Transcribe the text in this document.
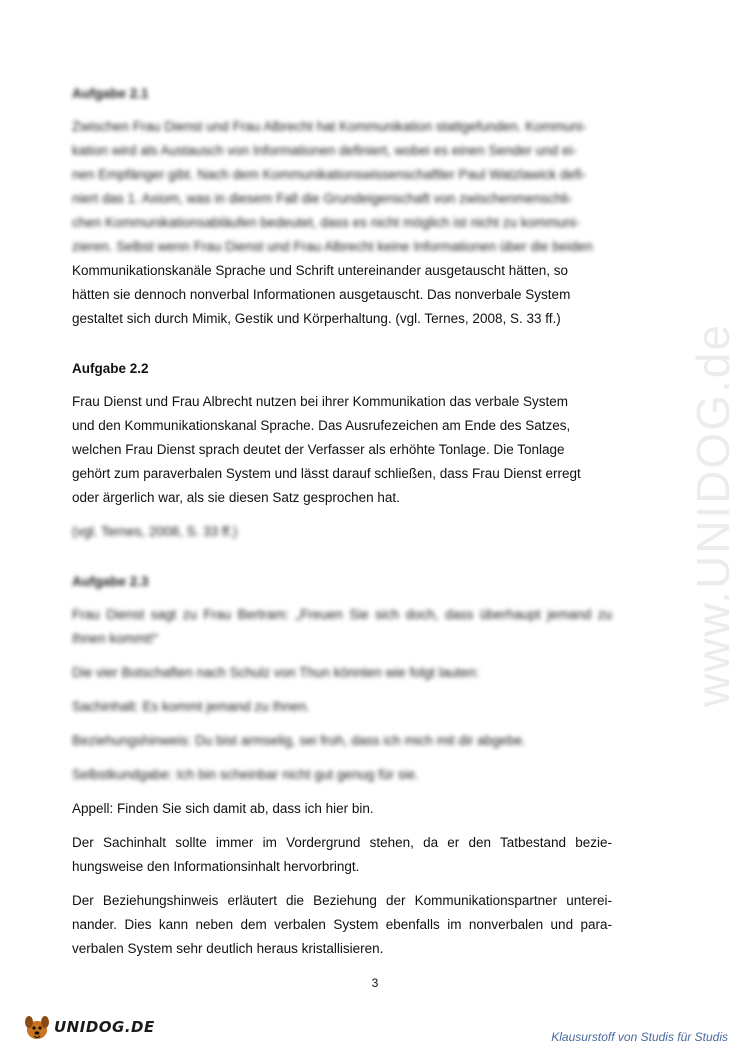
www.UNIDOG.de
Aufgabe 2.1
Zwischen Frau Dienst und Frau Albrecht hat Kommunikation stattgefunden. Kommuni-
kation wird als Austausch von Informationen definiert, wobei es einen Sender und ei-
nen Empfänger gibt. Nach dem Kommunikationswissenschaftler Paul Watzlawick defi-
niert das 1. Axiom, was in diesem Fall die Grundeigenschaft von zwischenmenschli-
chen Kommunikationsabläufen bedeutet, dass es nicht möglich ist nicht zu kommuni-
zieren. Selbst wenn Frau Dienst und Frau Albrecht keine Informationen über die beiden
Kommunikationskanäle Sprache und Schrift untereinander ausgetauscht hätten, so
hätten sie dennoch nonverbal Informationen ausgetauscht. Das nonverbale System
gestaltet sich durch Mimik, Gestik und Körperhaltung. (vgl. Ternes, 2008, S. 33 ff.)
Aufgabe 2.2
Frau Dienst und Frau Albrecht nutzen bei ihrer Kommunikation das verbale System
und den Kommunikationskanal Sprache. Das Ausrufezeichen am Ende des Satzes,
welchen Frau Dienst sprach deutet der Verfasser als erhöhte Tonlage. Die Tonlage
gehört zum paraverbalen System und lässt darauf schließen, dass Frau Dienst erregt
oder ärgerlich war, als sie diesen Satz gesprochen hat.
(vgl. Ternes, 2008, S. 33 ff.)
Aufgabe 2.3
Frau Dienst sagt zu Frau Bertram: „Freuen Sie sich doch, dass überhaupt jemand zu Ihnen kommt!“
Die vier Botschaften nach Schulz von Thun könnten wie folgt lauten:
Sachinhalt: Es kommt jemand zu Ihnen.
Beziehungshinweis: Du bist armselig, sei froh, dass ich mich mit dir abgebe.
Selbstkundgabe: Ich bin scheinbar nicht gut genug für sie.
Appell: Finden Sie sich damit ab, dass ich hier bin.
Der Sachinhalt sollte immer im Vordergrund stehen, da er den Tatbestand bezie-hungsweise den Informationsinhalt hervorbringt.
Der Beziehungshinweis erläutert die Beziehung der Kommunikationspartner unterei-nander. Dies kann neben dem verbalen System ebenfalls im nonverbalen und para-verbalen System sehr deutlich heraus kristallisieren.
3
UNIDOG.DE
Klausurstoff von Studis für Studis
